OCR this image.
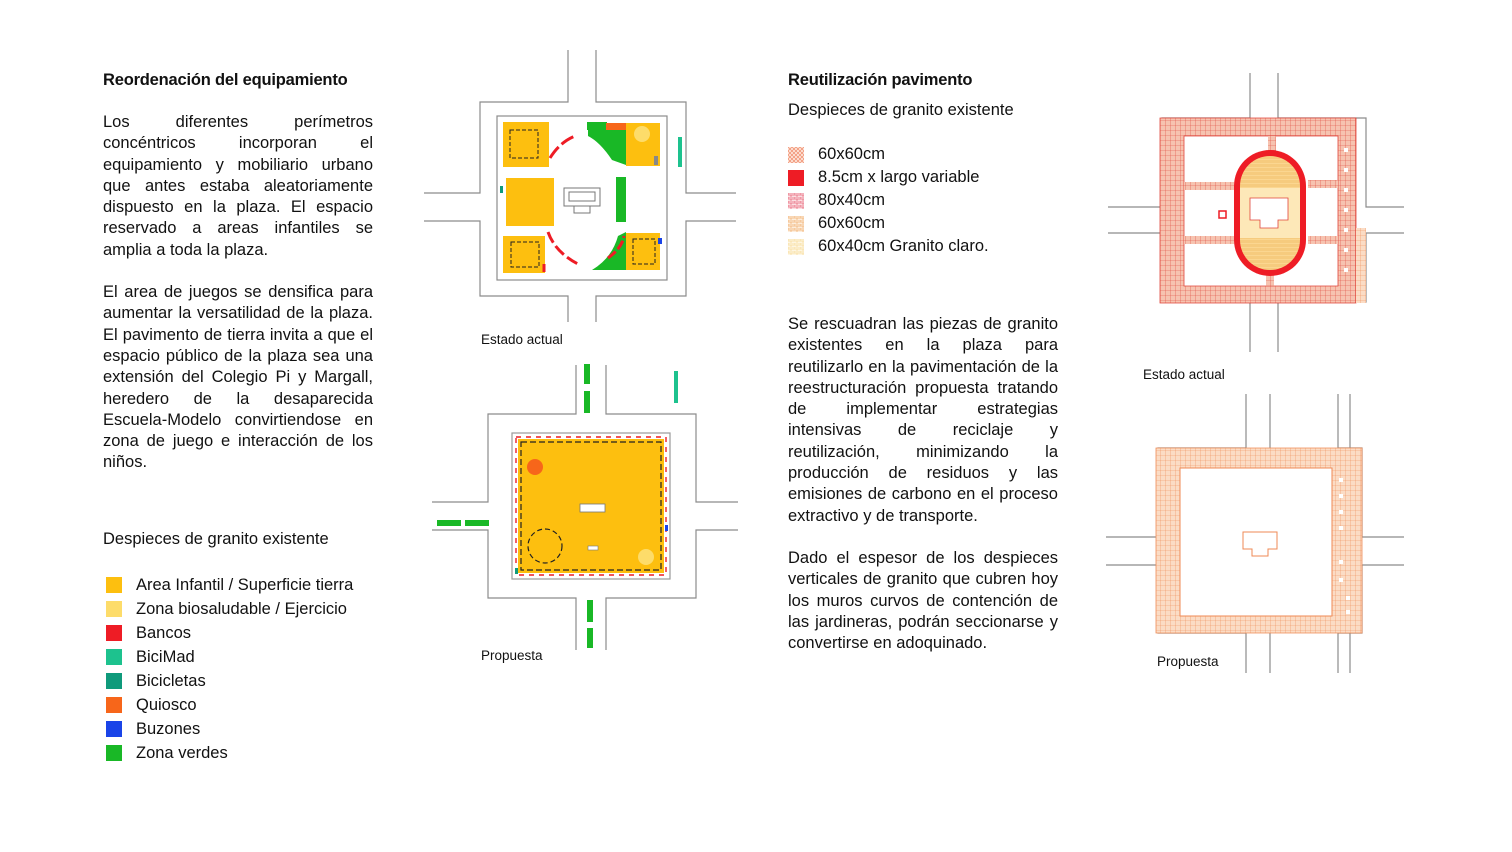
Reordenación del equipamiento

Los diferentes perímetros concéntricos incorporan el equipamiento y mobiliario urbano que antes estaba aleatoriamente dispuesto en la plaza. El espacio reservado a areas infantiles se amplia a toda la plaza.

El area de juegos se densifica para aumentar la versatilidad de la plaza. El pavimento de tierra invita a que el espacio público de la plaza sea una extensión del Colegio Pi y Margall, heredero de la desaparecida Escuela-Modelo convirtiendose en zona de juego e interacción de los niños.

Despieces de granito existente
Area Infantil / Superficie tierra
Zona biosaludable / Ejercicio
Bancos
BiciMad
Bicicletas
Quiosco
Buzones
Zona verdes
Estado actual
Propuesta
Reutilización pavimento
Despieces de granito existente
60x60cm
8.5cm x largo variable
80x40cm
60x60cm
60x40cm Granito claro.

Se rescuadran las piezas de granito existentes en la plaza para reutilizarlo en la pavimentación de la reestructuración propuesta tratando de implementar estrategias intensivas de reciclaje y reutilización, minimizando la producción de residuos y las emisiones de carbono en el proceso extractivo y de transporte.

Dado el espesor de los despieces verticales de granito que cubren hoy los muros curvos de contención de las jardineras, podrán seccionarse y convertirse en adoquinado.

Estado actual
Propuesta
